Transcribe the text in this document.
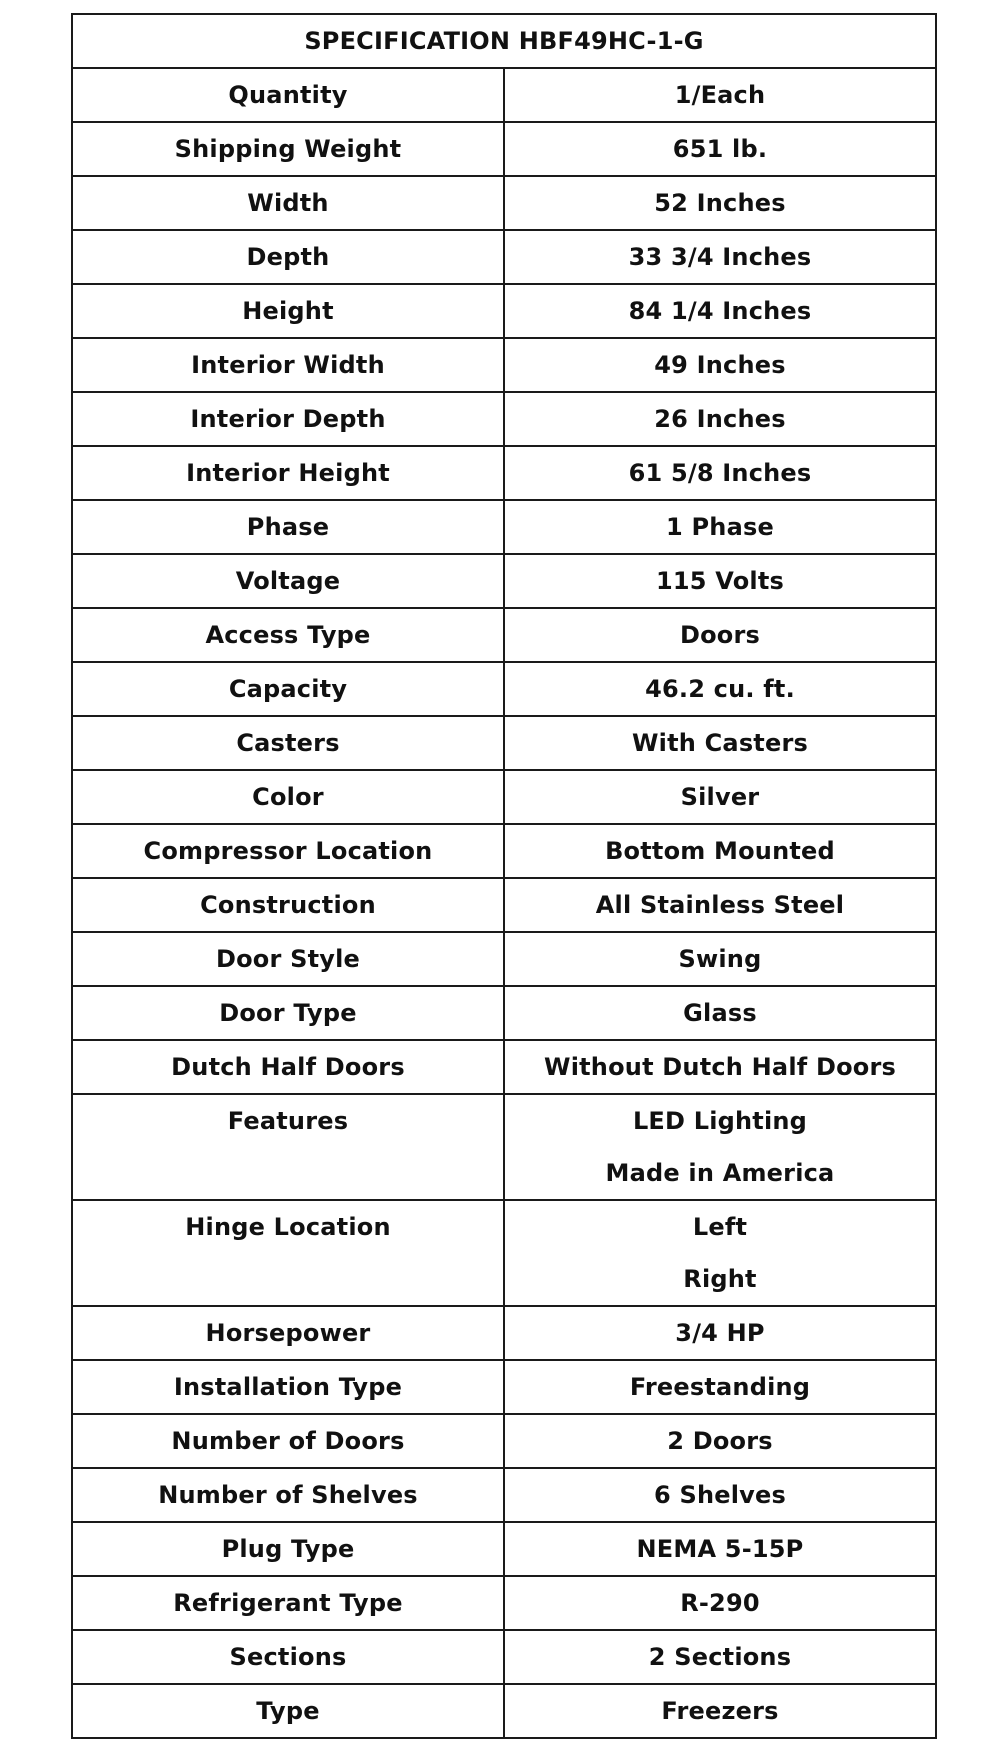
SPECIFICATION HBF49HC-1-G	
Quantity	1/Each
Shipping Weight	651 lb.
Width	52 Inches
Depth	33 3/4 Inches
Height	84 1/4 Inches
Interior Width	49 Inches
Interior Depth	26 Inches
Interior Height	61 5/8 Inches
Phase	1 Phase
Voltage	115 Volts
Access Type	Doors
Capacity	46.2 cu. ft.
Casters	With Casters
Color	Silver
Compressor Location	Bottom Mounted
Construction	All Stainless Steel
Door Style	Swing
Door Type	Glass
Dutch Half Doors	Without Dutch Half Doors

Features	LED Lighting
Made in America

Hinge Location	Left
Right

Horsepower	3/4 HP
Installation Type	Freestanding
Number of Doors	2 Doors
Number of Shelves	6 Shelves
Plug Type	NEMA 5-15P
Refrigerant Type	R-290
Sections	2 Sections
Type	Freezers
